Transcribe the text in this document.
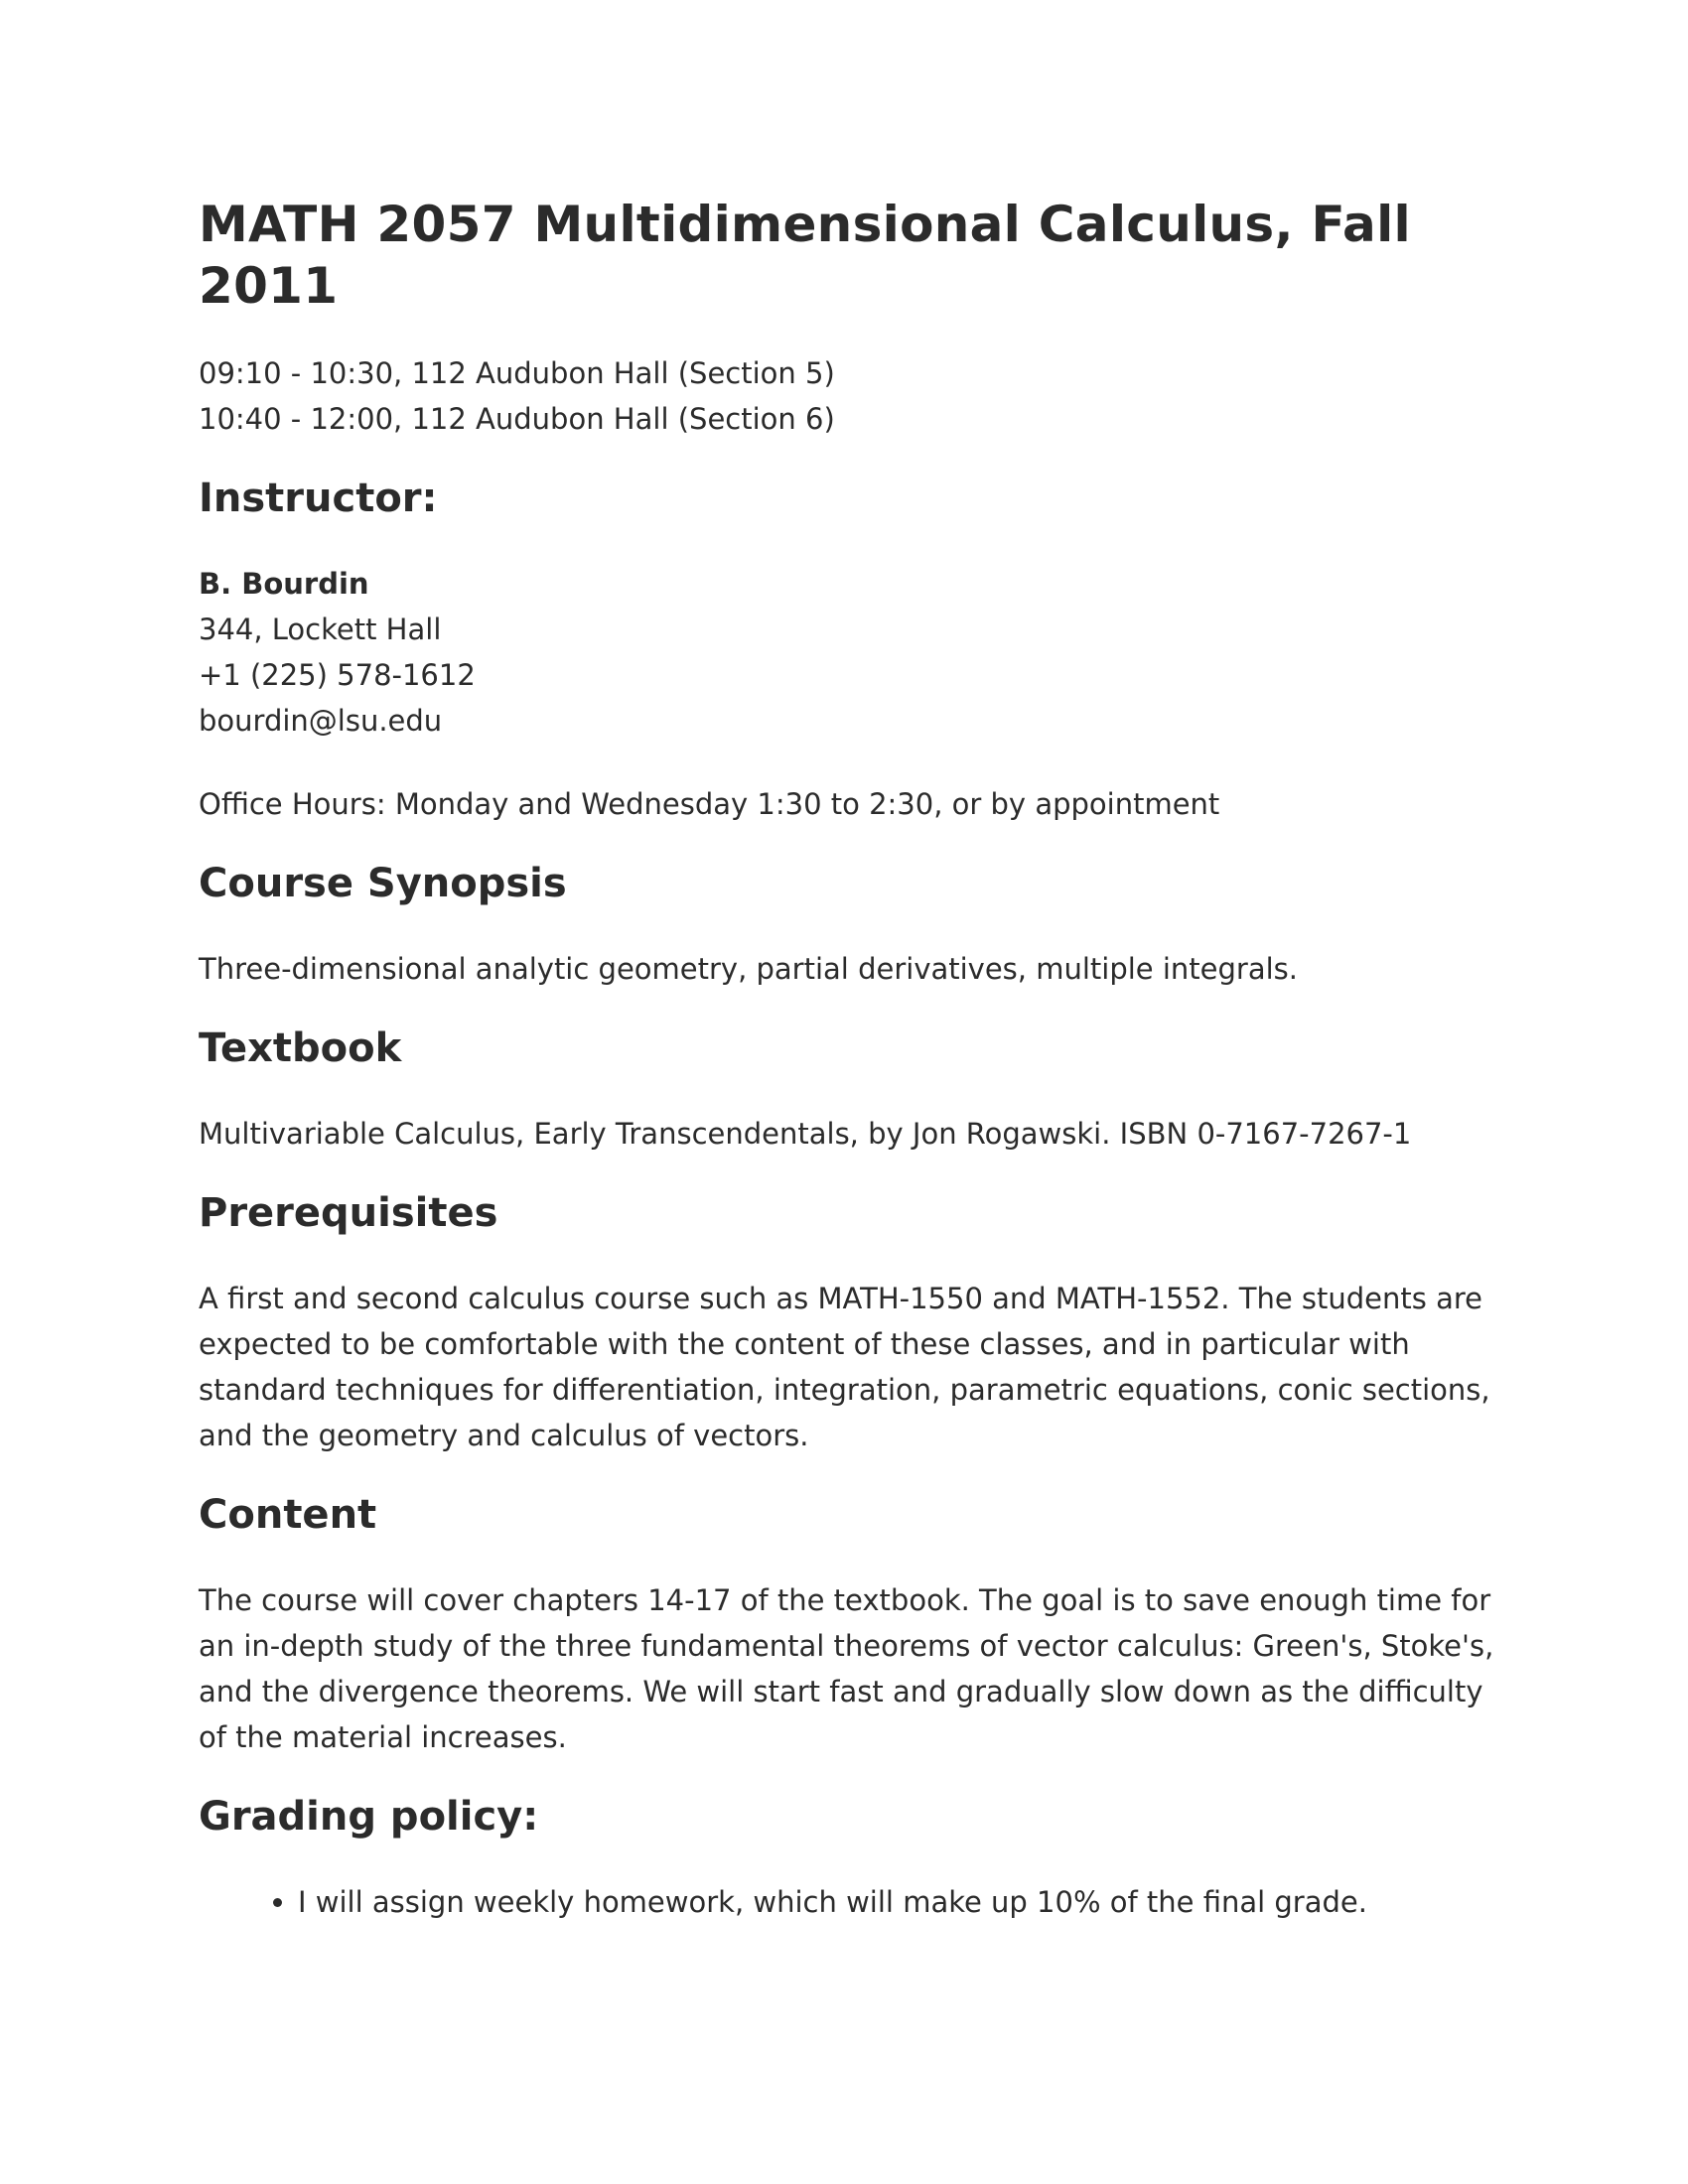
MATH 2057 Multidimensional Calculus, Fall 2011

09:10 - 10:30, 112 Audubon Hall (Section 5)

10:40 - 12:00, 112 Audubon Hall (Section 6)

Instructor:

B. Bourdin

344, Lockett Hall

+1 (225) 578-1612

bourdin@lsu.edu

Office Hours: Monday and Wednesday 1:30 to 2:30, or by appointment

Course Synopsis

Three-dimensional analytic geometry, partial derivatives, multiple integrals.

Textbook

Multivariable Calculus, Early Transcendentals, by Jon Rogawski. ISBN 0-7167-7267-1

Prerequisites

A first and second calculus course such as MATH-1550 and MATH-1552. The students are expected to be comfortable with the content of these classes, and in particular with standard techniques for differentiation, integration, parametric equations, conic sections, and the geometry and calculus of vectors.

Content

The course will cover chapters 14-17 of the textbook. The goal is to save enough time for an in-depth study of the three fundamental theorems of vector calculus: Green's, Stoke's, and the divergence theorems. We will start fast and gradually slow down as the difficulty of the material increases.

Grading policy:
• I will assign weekly homework, which will make up 10% of the final grade.
